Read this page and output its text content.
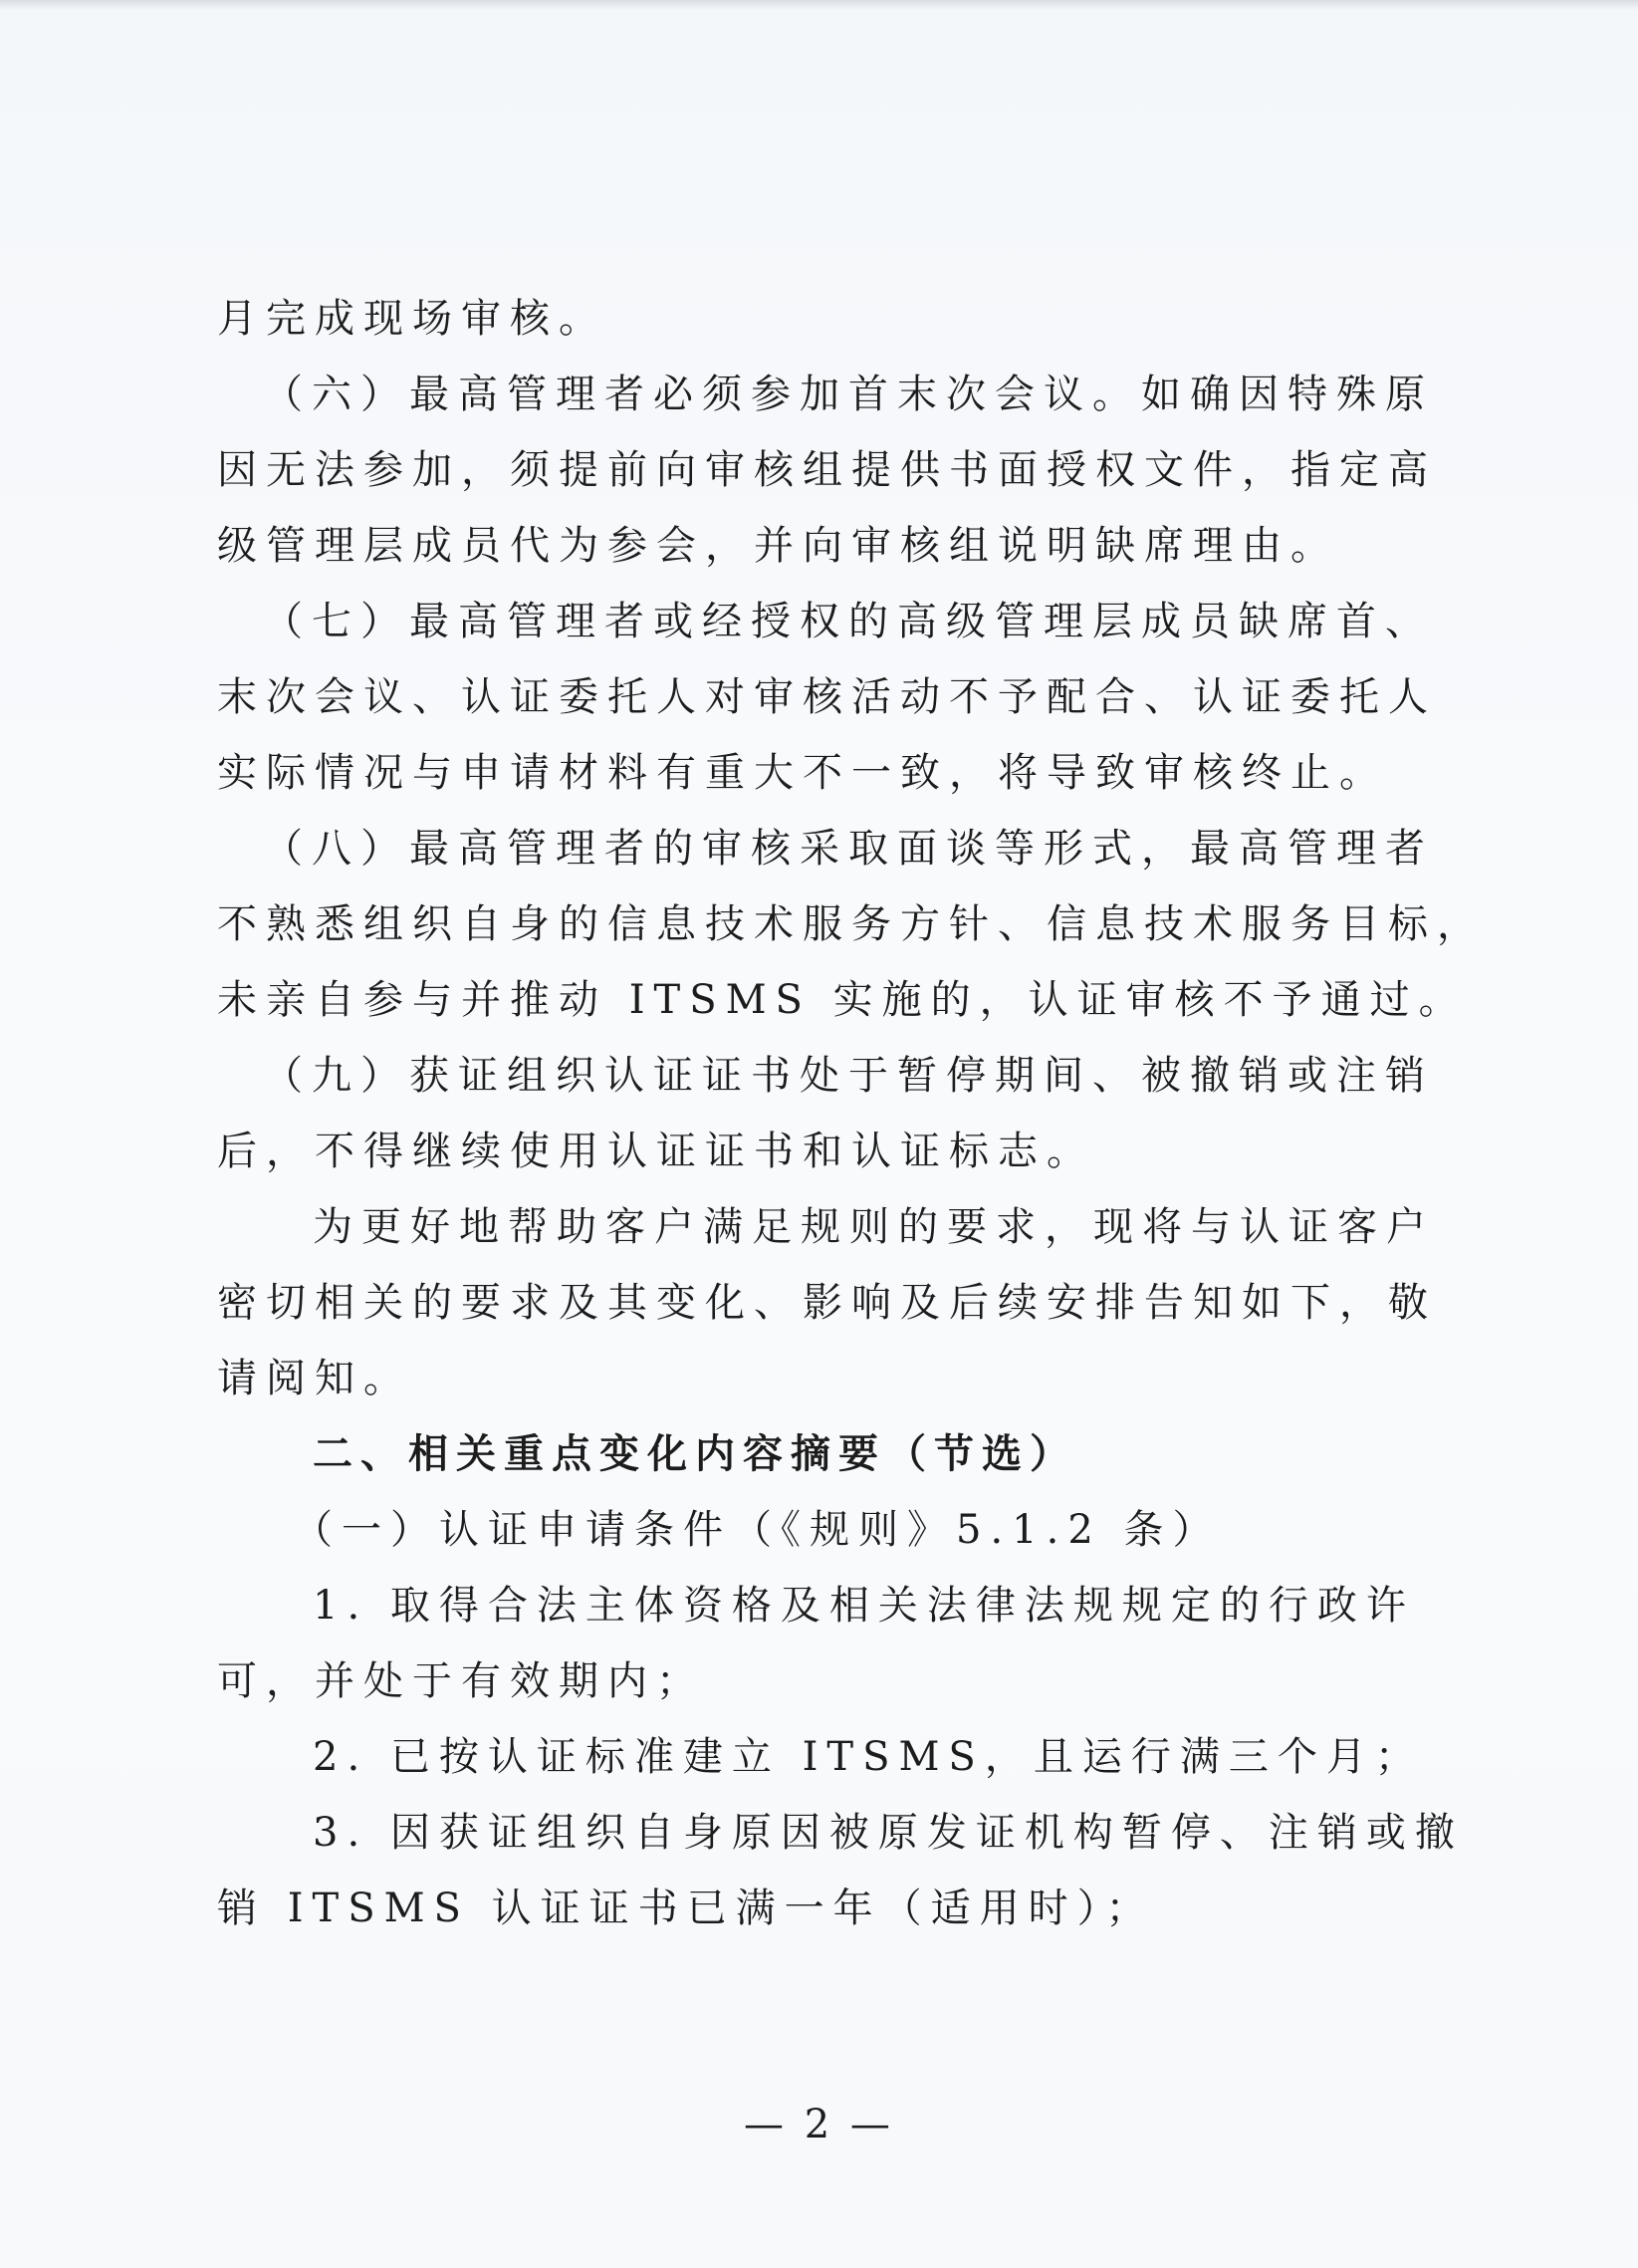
月完成现场审核。
（六）最高管理者必须参加首末次会议。如确因特殊原
因无法参加，须提前向审核组提供书面授权文件，指定高
级管理层成员代为参会，并向审核组说明缺席理由。
（七）最高管理者或经授权的高级管理层成员缺席首、
末次会议、认证委托人对审核活动不予配合、认证委托人
实际情况与申请材料有重大不一致，将导致审核终止。
（八）最高管理者的审核采取面谈等形式，最高管理者
不熟悉组织自身的信息技术服务方针、信息技术服务目标，
未亲自参与并推动 ITSMS 实施的，认证审核不予通过。
（九）获证组织认证证书处于暂停期间、被撤销或注销
后，不得继续使用认证证书和认证标志。
为更好地帮助客户满足规则的要求，现将与认证客户
密切相关的要求及其变化、影响及后续安排告知如下，敬
请阅知。
二、相关重点变化内容摘要（节选）
（一）认证申请条件（《规则》5.1.2 条）
1. 取得合法主体资格及相关法律法规规定的行政许
可，并处于有效期内；
2. 已按认证标准建立 ITSMS，且运行满三个月；
3. 因获证组织自身原因被原发证机构暂停、注销或撤
销 ITSMS 认证证书已满一年（适用时）；
— 2 —
